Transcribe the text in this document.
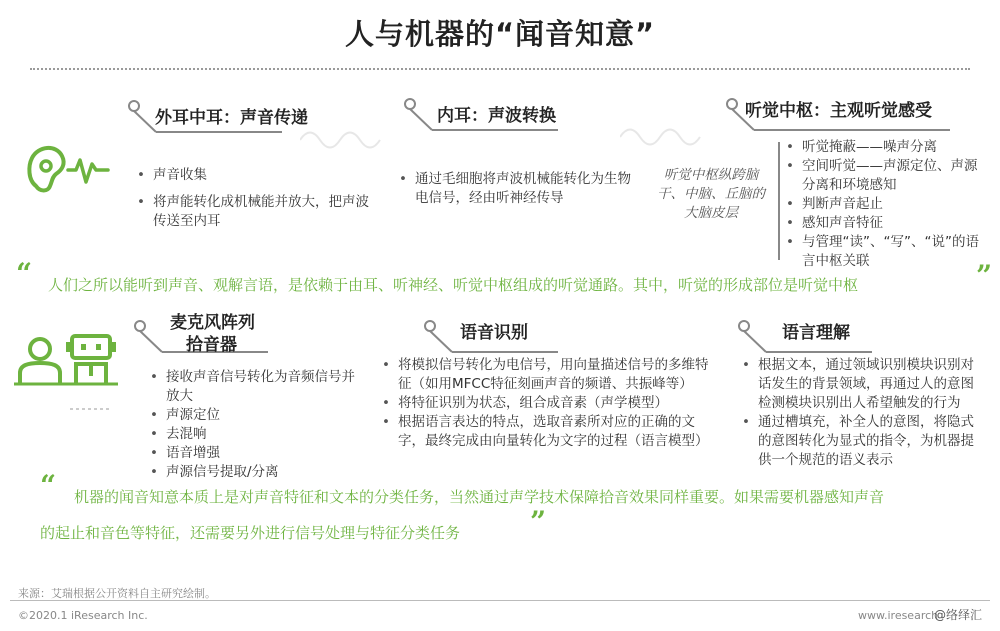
人与机器的“闻音知意”
外耳中耳：声音传递
• 声音收集
• 将声能转化成机械能并放大，把声波传送至内耳
内耳：声波转换
• 通过毛细胞将声波机械能转化为生物电信号，经由听神经传导
听觉中枢：主观听觉感受
听觉中枢纵跨脑干、中脑、丘脑的大脑皮层
• 听觉掩蔽——噪声分离
• 空间听觉——声源定位、声源分离和环境感知
• 判断声音起止
• 感知声音特征
• 与管理“读”、“写”、“说”的语言中枢关联
“ 人们之所以能听到声音、观解言语，是依赖于由耳、听神经、听觉中枢组成的听觉通路。其中，听觉的形成部位是听觉中枢	”
麦克风阵列
拾音器
• 接收声音信号转化为音频信号并放大
• 声源定位
• 去混响
• 语音增强
• 声源信号提取/分离
语音识别
• 将模拟信号转化为电信号，用向量描述信号的多维特征（如用MFCC特征刻画声音的频谱、共振峰等）
• 将特征识别为状态，组合成音素（声学模型）
• 根据语言表达的特点，选取音素所对应的正确的文字，最终完成由向量转化为文字的过程（语言模型）
语言理解
• 根据文本，通过领域识别模块识别对话发生的背景领域，再通过人的意图检测模块识别出人希望触发的行为
• 通过槽填充，补全人的意图，将隐式的意图转化为显式的指令，为机器提供一个规范的语义表示
“ 机器的闻音知意本质上是对声音特征和文本的分类任务，当然通过声学技术保障拾音效果同样重要。如果需要机器感知声音
的起止和音色等特征，还需要另外进行信号处理与特征分类任务 ”
来源：艾瑞根据公开资料自主研究绘制。
©2020.1 iResearch Inc.	www.iresearch
@络绎汇
